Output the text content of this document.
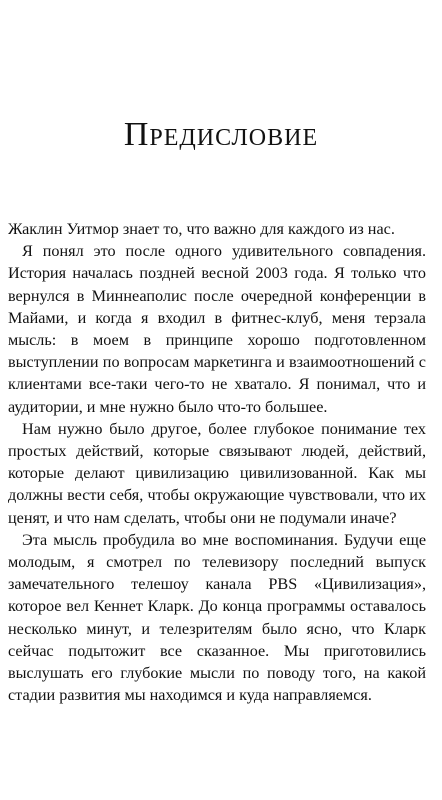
Предисловие

Жаклин Уитмор знает то, что важно для каждого из нас.

Я понял это после одного удивительного совпадения. История началась поздней весной 2003 года. Я только что вернулся в Миннеаполис после очередной конференции в Майами, и когда я входил в фитнес-клуб, меня терзала мысль: в моем в принципе хорошо подготовленном выступлении по вопросам маркетинга и взаимоотношений с клиентами все-таки чего-то не хватало. Я понимал, что и аудитории, и мне нужно было что-то большее.

Нам нужно было другое, более глубокое понимание тех простых действий, которые связывают людей, действий, которые делают цивилизацию цивилизованной. Как мы должны вести себя, чтобы окружающие чувствовали, что их ценят, и что нам сделать, чтобы они не подумали иначе?

Эта мысль пробудила во мне воспоминания. Будучи еще молодым, я смотрел по телевизору последний выпуск замечательного телешоу канала PBS «Цивилизация», которое вел Кеннет Кларк. До конца программы оставалось несколько минут, и телезрителям было ясно, что Кларк сейчас подытожит все сказанное. Мы приготовились выслушать его глубокие мысли по поводу того, на какой стадии развития мы находимся и куда направляемся.
